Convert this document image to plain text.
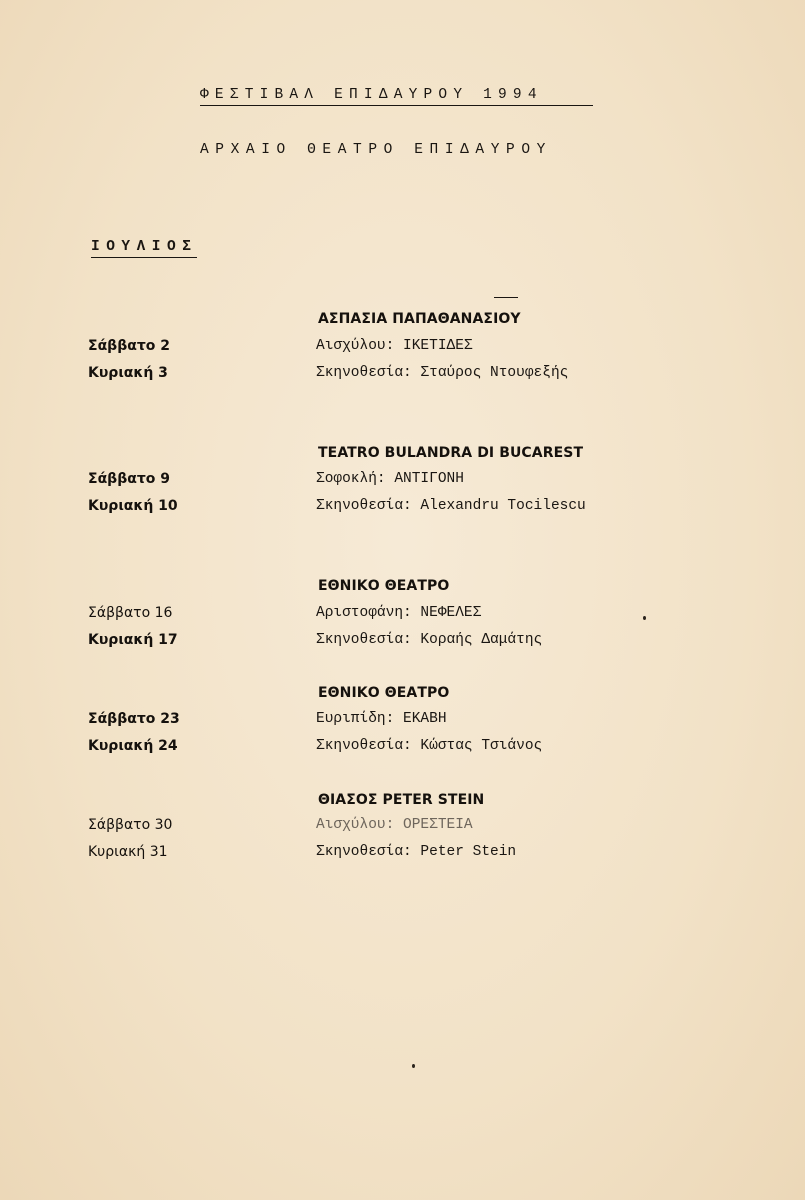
ΦΕΣΤΙΒΑΛ ΕΠΙΔΑΥΡΟΥ 1994
ΑΡΧΑΙΟ ΘΕΑΤΡΟ ΕΠΙΔΑΥΡΟΥ
ΙΟΥΛΙΟΣ
ΑΣΠΑΣΙΑ ΠΑΠΑΘΑΝΑΣΙΟΥ
Σάββατο 2	Αισχύλου: ΙΚΕΤΙΔΕΣ
Κυριακή 3	Σκηνοθεσία: Σταύρος Ντουφεξής
TEATRO BULANDRA DI BUCAREST
Σάββατο 9	Σοφοκλή: ΑΝΤΙΓΟΝΗ
Κυριακή 10	Σκηνοθεσία: Alexandru Tocilescu
ΕΘΝΙΚΟ ΘΕΑΤΡΟ
Σάββατο 16	Αριστοφάνη: ΝΕΦΕΛΕΣ
Κυριακή 17	Σκηνοθεσία: Κοραής Δαμάτης
ΕΘΝΙΚΟ ΘΕΑΤΡΟ
Σάββατο 23	Ευριπίδη: ΕΚΑΒΗ
Κυριακή 24	Σκηνοθεσία: Κώστας Τσιάνος
ΘΙΑΣΟΣ PETER STEIN
Σάββατο 30	Αισχύλου: ΟΡΕΣΤΕΙΑ
Κυριακή 31	Σκηνοθεσία: Peter Stein
